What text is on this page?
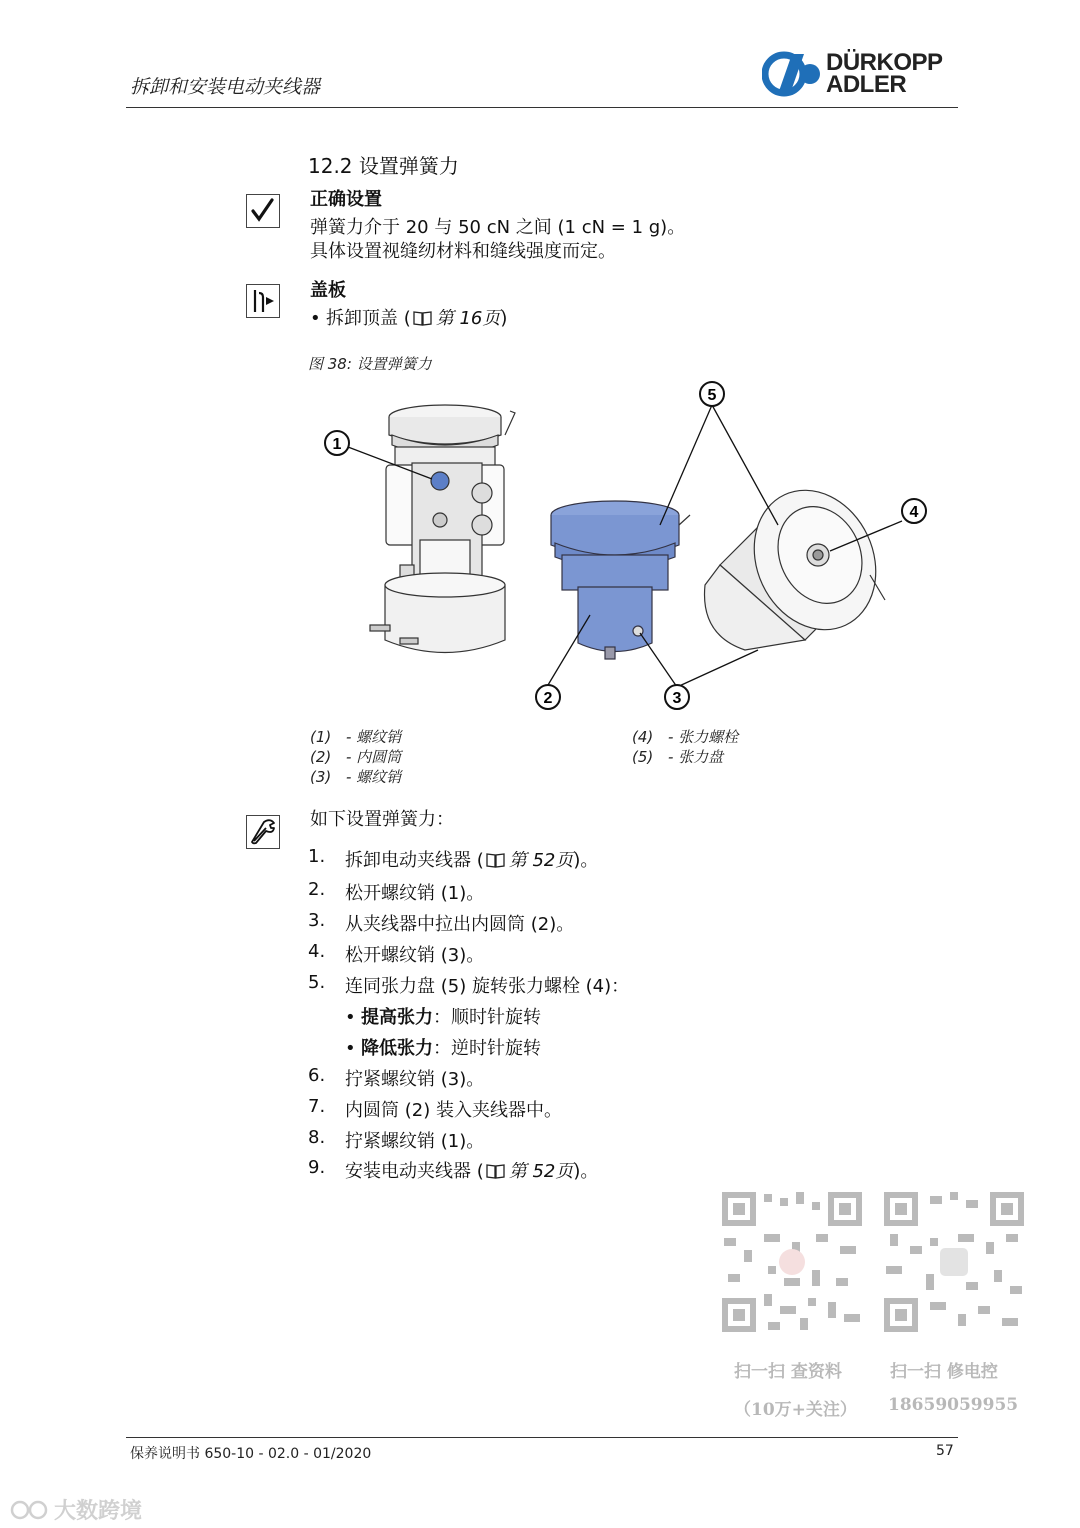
拆卸和安装电动夹线器
DÜRKOPP
ADLER
12.2 设置弹簧力
正确设置
弹簧力介于 20 与 50 cN 之间 (1 cN = 1 g)。
具体设置视缝纫材料和缝线强度而定。
盖板
• 拆卸顶盖 ( 第 16页)
图 38: 设置弹簧力
1
5
4
2	3
(1) - 螺纹销
(2) - 内圆筒
(3) - 螺纹销
(4) - 张力螺栓
(5) - 张力盘
如下设置弹簧力：
1. 拆卸电动夹线器 ( 第 52页)。
2. 松开螺纹销 (1)。
3. 从夹线器中拉出内圆筒 (2)。
4. 松开螺纹销 (3)。
5. 连同张力盘 (5) 旋转张力螺栓 (4)：
• 提高张力：顺时针旋转
• 降低张力：逆时针旋转
6. 拧紧螺纹销 (3)。
7. 内圆筒 (2) 装入夹线器中。
8. 拧紧螺纹销 (1)。
9. 安装电动夹线器 ( 第 52页)。
扫一扫 查资料
（10万+关注）
扫一扫 修电控
18659059955
保养说明书 650-10 - 02.0 - 01/2020	57
大数跨境
